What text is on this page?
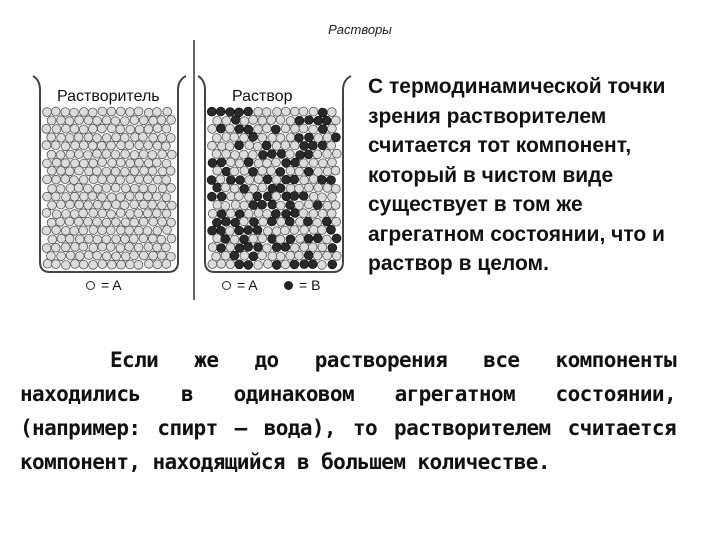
Растворы
Растворитель	Раствор
= A	= A	= B
С термодинамической точки зрения растворителем считается тот компонент, который в чистом виде существует в том же агрегатном состоянии, что и раствор в целом.
Если же до растворения все компоненты находились в одинаковом агрегатном состоянии, (например: спирт – вода), то растворителем считается компонент, находящийся в большем количестве.
